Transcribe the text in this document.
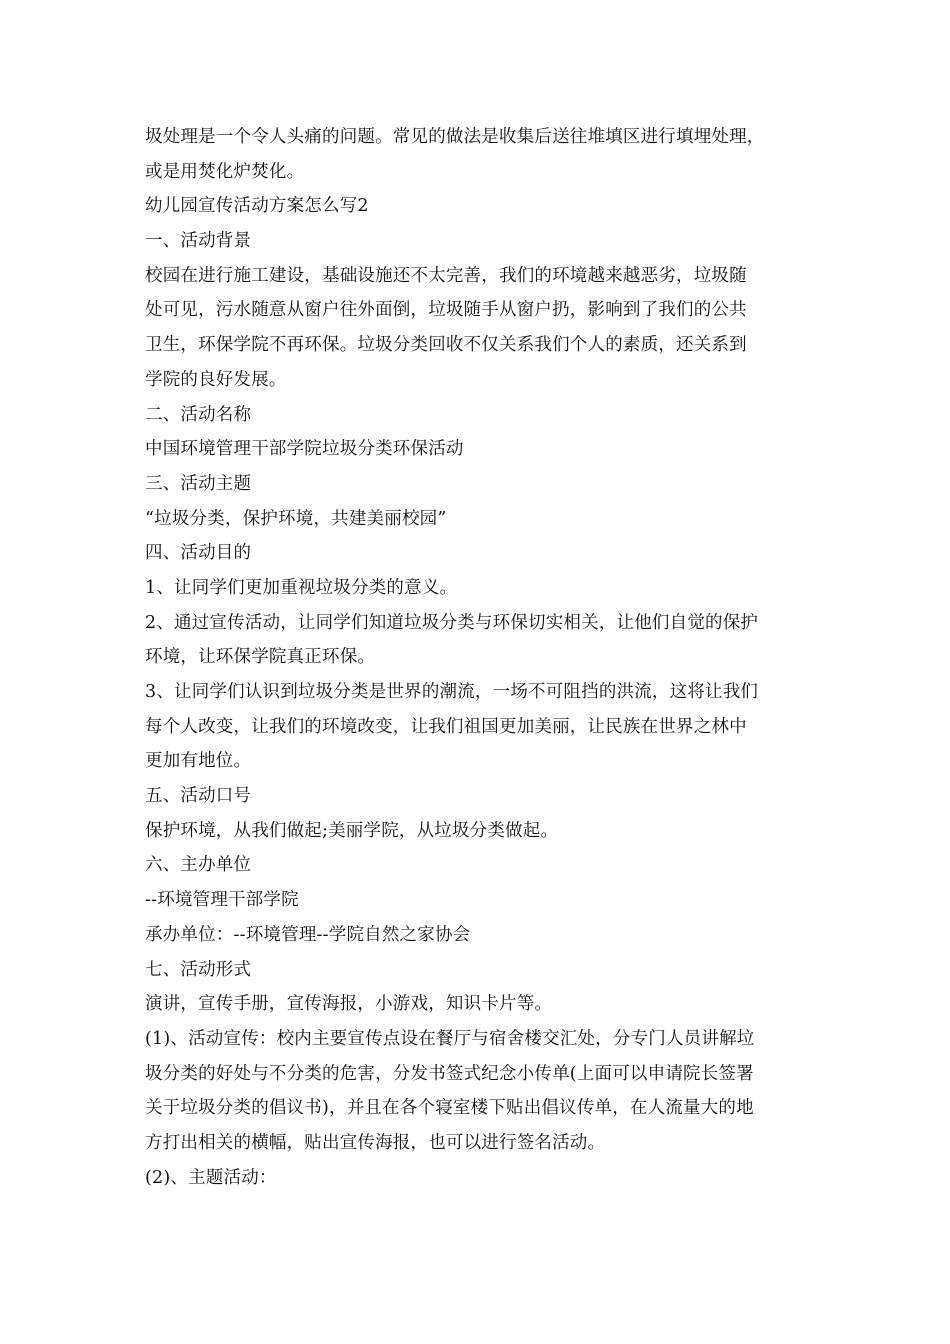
圾处理是一个令人头痛的问题。常见的做法是收集后送往堆填区进行填埋处理，
或是用焚化炉焚化。
幼儿园宣传活动方案怎么写2
一、活动背景
校园在进行施工建设，基础设施还不太完善，我们的环境越来越恶劣，垃圾随
处可见，污水随意从窗户往外面倒，垃圾随手从窗户扔，影响到了我们的公共
卫生，环保学院不再环保。垃圾分类回收不仅关系我们个人的素质，还关系到
学院的良好发展。
二、活动名称
中国环境管理干部学院垃圾分类环保活动
三、活动主题
“垃圾分类，保护环境，共建美丽校园”
四、活动目的
1、让同学们更加重视垃圾分类的意义。
2、通过宣传活动，让同学们知道垃圾分类与环保切实相关，让他们自觉的保护
环境，让环保学院真正环保。
3、让同学们认识到垃圾分类是世界的潮流，一场不可阻挡的洪流，这将让我们
每个人改变，让我们的环境改变，让我们祖国更加美丽，让民族在世界之林中
更加有地位。
五、活动口号
保护环境，从我们做起;美丽学院，从垃圾分类做起。
六、主办单位
--环境管理干部学院
承办单位：--环境管理--学院自然之家协会
七、活动形式
演讲，宣传手册，宣传海报，小游戏，知识卡片等。
(1)、活动宣传：校内主要宣传点设在餐厅与宿舍楼交汇处，分专门人员讲解垃
圾分类的好处与不分类的危害，分发书签式纪念小传单(上面可以申请院长签署
关于垃圾分类的倡议书)，并且在各个寝室楼下贴出倡议传单，在人流量大的地
方打出相关的横幅，贴出宣传海报，也可以进行签名活动。
(2)、主题活动：
